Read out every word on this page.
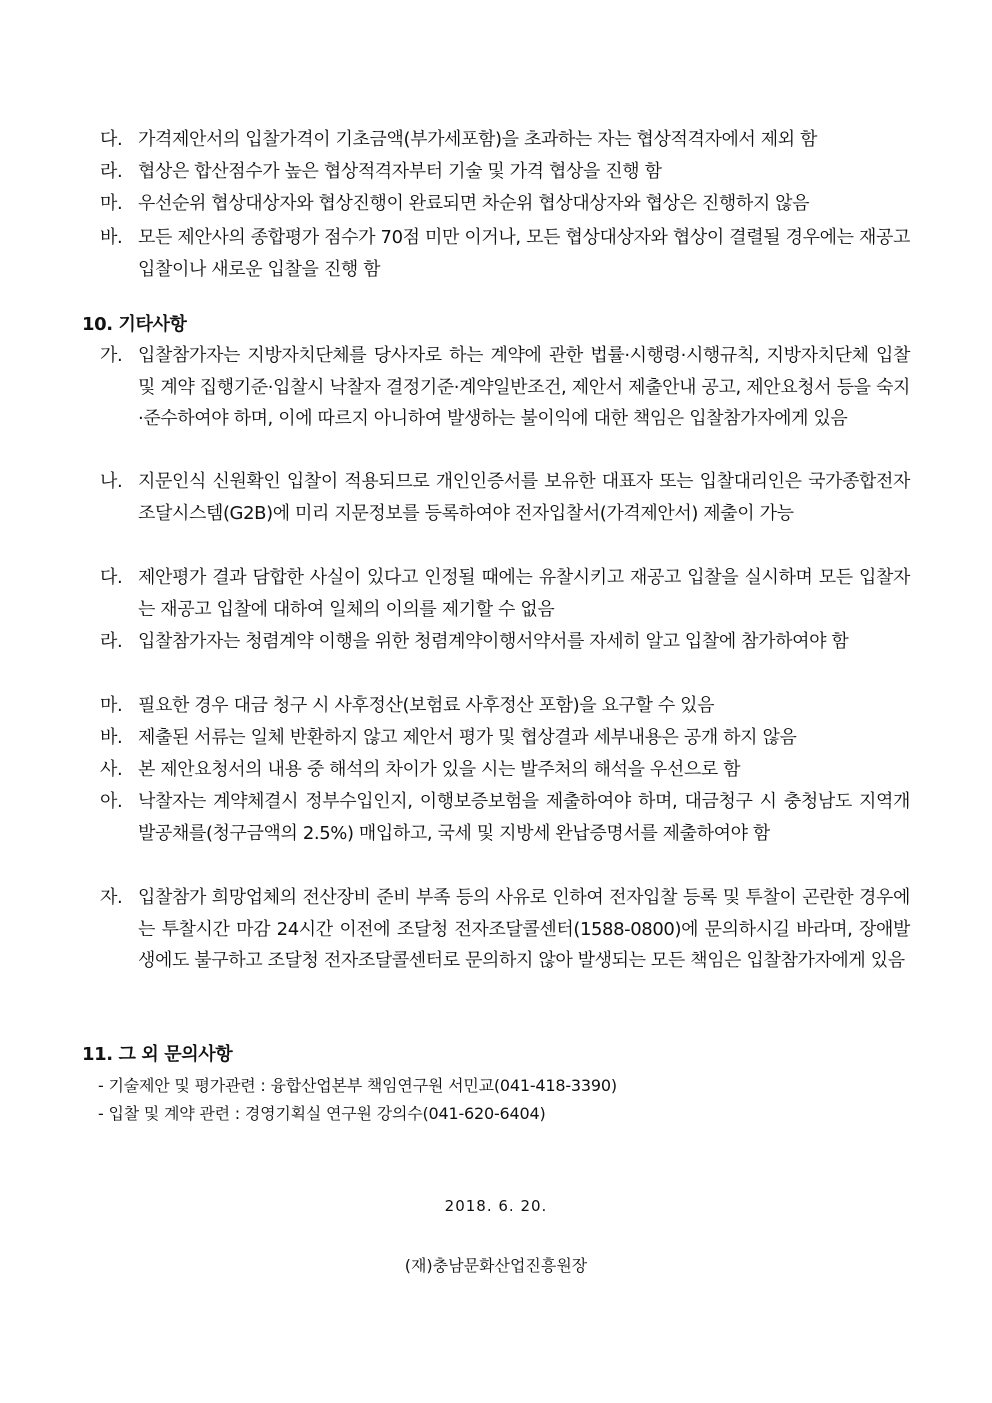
다. 가격제안서의 입찰가격이 기초금액(부가세포함)을 초과하는 자는 협상적격자에서 제외 함
라. 협상은 합산점수가 높은 협상적격자부터 기술 및 가격 협상을 진행 함
마. 우선순위 협상대상자와 협상진행이 완료되면 차순위 협상대상자와 협상은 진행하지 않음
바. 모든 제안사의 종합평가 점수가 70점 미만 이거나, 모든 협상대상자와 협상이 결렬될 경우에는 재공고입찰이나 새로운 입찰을 진행 함
10. 기타사항
가. 입찰참가자는 지방자치단체를 당사자로 하는 계약에 관한 법률·시행령·시행규칙, 지방자치단체 입찰 및 계약 집행기준·입찰시 낙찰자 결정기준·계약일반조건, 제안서 제출안내 공고, 제안요청서 등을 숙지·준수하여야 하며, 이에 따르지 아니하여 발생하는 불이익에 대한 책임은 입찰참가자에게 있음
나. 지문인식 신원확인 입찰이 적용되므로 개인인증서를 보유한 대표자 또는 입찰대리인은 국가종합전자조달시스템(G2B)에 미리 지문정보를 등록하여야 전자입찰서(가격제안서) 제출이 가능
다. 제안평가 결과 담합한 사실이 있다고 인정될 때에는 유찰시키고 재공고 입찰을 실시하며 모든 입찰자는 재공고 입찰에 대하여 일체의 이의를 제기할 수 없음
라. 입찰참가자는 청렴계약 이행을 위한 청렴계약이행서약서를 자세히 알고 입찰에 참가하여야 함
마. 필요한 경우 대금 청구 시 사후정산(보험료 사후정산 포함)을 요구할 수 있음
바. 제출된 서류는 일체 반환하지 않고 제안서 평가 및 협상결과 세부내용은 공개 하지 않음
사. 본 제안요청서의 내용 중 해석의 차이가 있을 시는 발주처의 해석을 우선으로 함
아. 낙찰자는 계약체결시 정부수입인지, 이행보증보험을 제출하여야 하며, 대금청구 시 충청남도 지역개발공채를(청구금액의 2.5%) 매입하고, 국세 및 지방세 완납증명서를 제출하여야 함
자. 입찰참가 희망업체의 전산장비 준비 부족 등의 사유로 인하여 전자입찰 등록 및 투찰이 곤란한 경우에는 투찰시간 마감 24시간 이전에 조달청 전자조달콜센터(1588-0800)에 문의하시길 바라며, 장애발생에도 불구하고 조달청 전자조달콜센터로 문의하지 않아 발생되는 모든 책임은 입찰참가자에게 있음
11. 그 외 문의사항
- 기술제안 및 평가관련 : 융합산업본부 책임연구원 서민교(041-418-3390)
- 입찰 및 계약 관련 : 경영기획실 연구원 강의수(041-620-6404)
2018. 6. 20.
(재)충남문화산업진흥원장
